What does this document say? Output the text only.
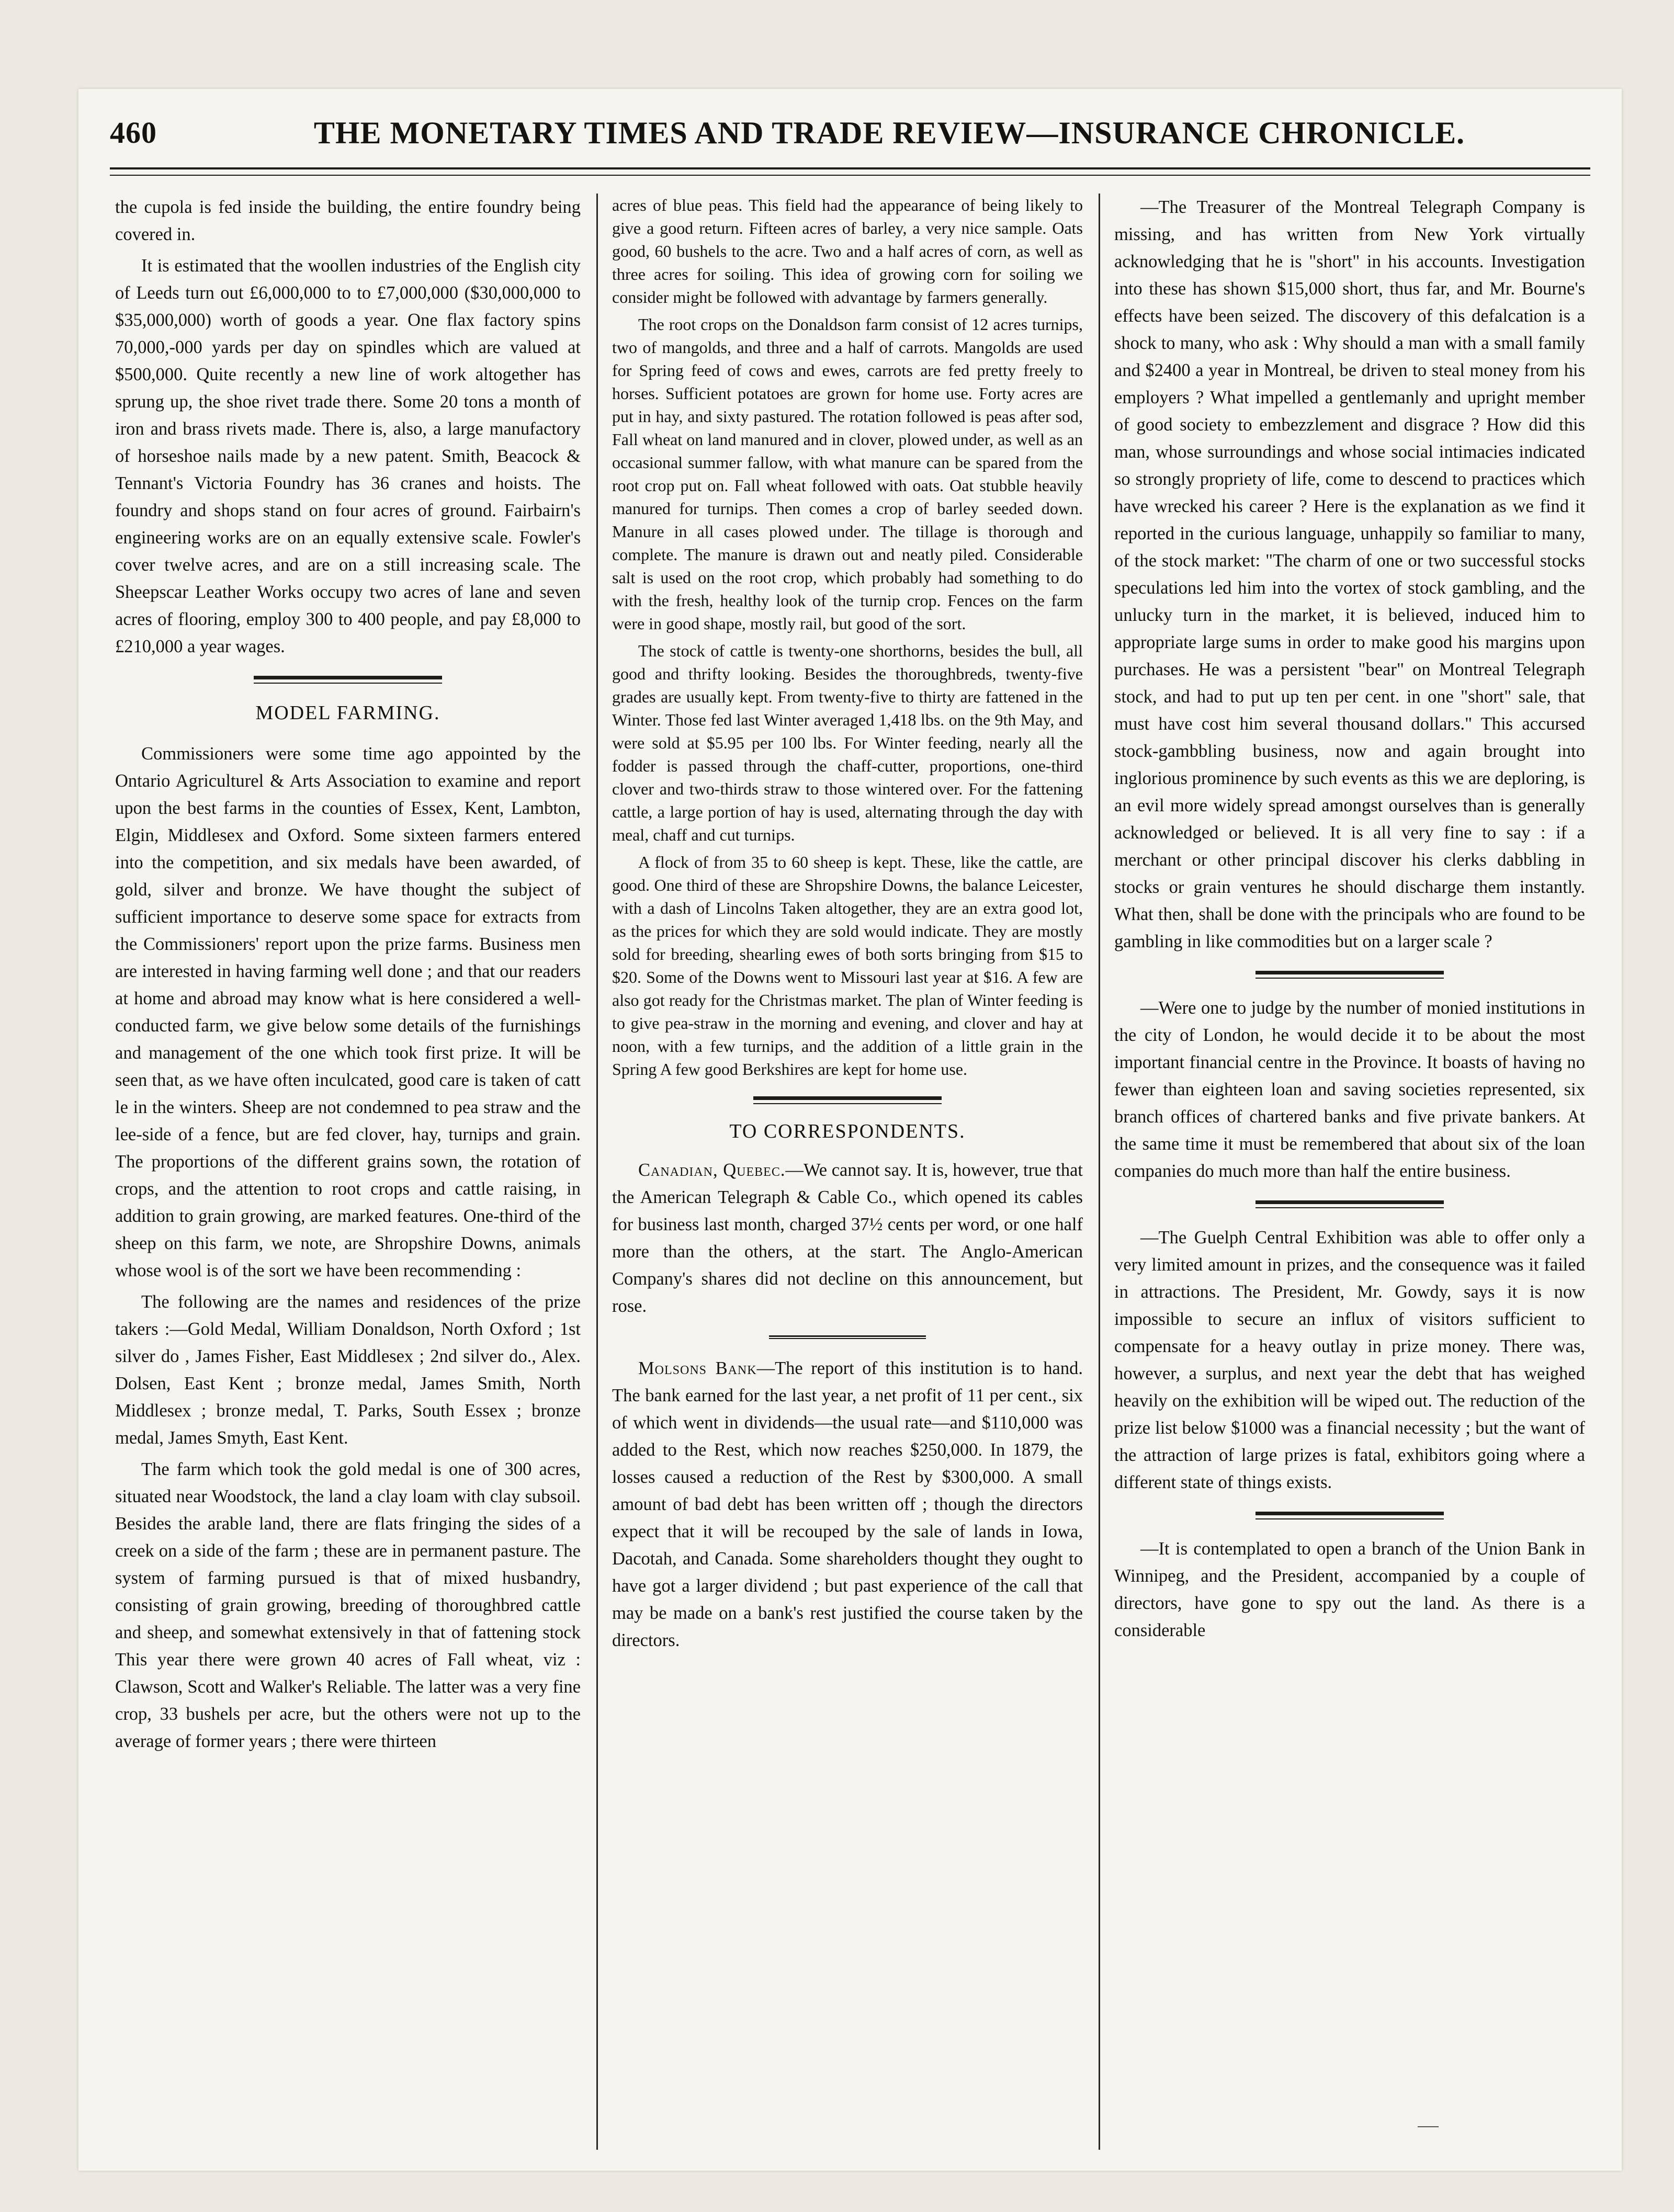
460	THE MONETARY TIMES AND TRADE REVIEW—INSURANCE CHRONICLE.

the cupola is fed inside the building, the entire foundry being covered in.

It is estimated that the woollen industries of the English city of Leeds turn out £6,000,000 to to £7,000,000 ($30,000,000 to $35,000,000) worth of goods a year. One flax factory spins 70,000,-000 yards per day on spindles which are valued at $500,000. Quite recently a new line of work altogether has sprung up, the shoe rivet trade there. Some 20 tons a month of iron and brass rivets made. There is, also, a large manufactory of horseshoe nails made by a new patent. Smith, Beacock & Tennant's Victoria Foundry has 36 cranes and hoists. The foundry and shops stand on four acres of ground. Fairbairn's engineering works are on an equally extensive scale. Fowler's cover twelve acres, and are on a still increasing scale. The Sheepscar Leather Works occupy two acres of lane and seven acres of flooring, employ 300 to 400 people, and pay £8,000 to £210,000 a year wages.

MODEL FARMING.

Commissioners were some time ago appointed by the Ontario Agriculturel & Arts Association to examine and report upon the best farms in the counties of Essex, Kent, Lambton, Elgin, Middlesex and Oxford. Some sixteen farmers entered into the competition, and six medals have been awarded, of gold, silver and bronze. We have thought the subject of sufficient importance to deserve some space for extracts from the Commissioners' report upon the prize farms. Business men are interested in having farming well done ; and that our readers at home and abroad may know what is here considered a well-conducted farm, we give below some details of the furnishings and management of the one which took first prize. It will be seen that, as we have often inculcated, good care is taken of catt le in the winters. Sheep are not condemned to pea straw and the lee-side of a fence, but are fed clover, hay, turnips and grain. The proportions of the different grains sown, the rotation of crops, and the attention to root crops and cattle raising, in addition to grain growing, are marked features. One-third of the sheep on this farm, we note, are Shropshire Downs, animals whose wool is of the sort we have been recommending :

The following are the names and residences of the prize takers :—Gold Medal, William Donaldson, North Oxford ; 1st silver do , James Fisher, East Middlesex ; 2nd silver do., Alex. Dolsen, East Kent ; bronze medal, James Smith, North Middlesex ; bronze medal, T. Parks, South Essex ; bronze medal, James Smyth, East Kent.

The farm which took the gold medal is one of 300 acres, situated near Woodstock, the land a clay loam with clay subsoil. Besides the arable land, there are flats fringing the sides of a creek on a side of the farm ; these are in permanent pasture. The system of farming pursued is that of mixed husbandry, consisting of grain growing, breeding of thoroughbred cattle and sheep, and somewhat extensively in that of fattening stock This year there were grown 40 acres of Fall wheat, viz : Clawson, Scott and Walker's Reliable. The latter was a very fine crop, 33 bushels per acre, but the others were not up to the average of former years ; there were thirteen

acres of blue peas. This field had the appearance of being likely to give a good return. Fifteen acres of barley, a very nice sample. Oats good, 60 bushels to the acre. Two and a half acres of corn, as well as three acres for soiling. This idea of growing corn for soiling we consider might be followed with advantage by farmers generally.

The root crops on the Donaldson farm consist of 12 acres turnips, two of mangolds, and three and a half of carrots. Mangolds are used for Spring feed of cows and ewes, carrots are fed pretty freely to horses. Sufficient potatoes are grown for home use. Forty acres are put in hay, and sixty pastured. The rotation followed is peas after sod, Fall wheat on land manured and in clover, plowed under, as well as an occasional summer fallow, with what manure can be spared from the root crop put on. Fall wheat followed with oats. Oat stubble heavily manured for turnips. Then comes a crop of barley seeded down. Manure in all cases plowed under. The tillage is thorough and complete. The manure is drawn out and neatly piled. Considerable salt is used on the root crop, which probably had something to do with the fresh, healthy look of the turnip crop. Fences on the farm were in good shape, mostly rail, but good of the sort.

The stock of cattle is twenty-one shorthorns, besides the bull, all good and thrifty looking. Besides the thoroughbreds, twenty-five grades are usually kept. From twenty-five to thirty are fattened in the Winter. Those fed last Winter averaged 1,418 lbs. on the 9th May, and were sold at $5.95 per 100 lbs. For Winter feeding, nearly all the fodder is passed through the chaff-cutter, proportions, one-third clover and two-thirds straw to those wintered over. For the fattening cattle, a large portion of hay is used, alternating through the day with meal, chaff and cut turnips.

A flock of from 35 to 60 sheep is kept. These, like the cattle, are good. One third of these are Shropshire Downs, the balance Leicester, with a dash of Lincolns Taken altogether, they are an extra good lot, as the prices for which they are sold would indicate. They are mostly sold for breeding, shearling ewes of both sorts bringing from $15 to $20. Some of the Downs went to Missouri last year at $16. A few are also got ready for the Christmas market. The plan of Winter feeding is to give pea-straw in the morning and evening, and clover and hay at noon, with a few turnips, and the addition of a little grain in the Spring A few good Berkshires are kept for home use.

TO CORRESPONDENTS.

Canadian, Quebec.—We cannot say. It is, however, true that the American Telegraph & Cable Co., which opened its cables for business last month, charged 37½ cents per word, or one half more than the others, at the start. The Anglo-American Company's shares did not decline on this announcement, but rose.

Molsons Bank—The report of this institution is to hand. The bank earned for the last year, a net profit of 11 per cent., six of which went in dividends—the usual rate—and $110,000 was added to the Rest, which now reaches $250,000. In 1879, the losses caused a reduction of the Rest by $300,000. A small amount of bad debt has been written off ; though the directors expect that it will be recouped by the sale of lands in Iowa, Dacotah, and Canada. Some shareholders thought they ought to have got a larger dividend ; but past experience of the call that may be made on a bank's rest justified the course taken by the directors.

—The Treasurer of the Montreal Telegraph Company is missing, and has written from New York virtually acknowledging that he is "short" in his accounts. Investigation into these has shown $15,000 short, thus far, and Mr. Bourne's effects have been seized. The discovery of this defalcation is a shock to many, who ask : Why should a man with a small family and $2400 a year in Montreal, be driven to steal money from his employers ? What impelled a gentlemanly and upright member of good society to embezzlement and disgrace ? How did this man, whose surroundings and whose social intimacies indicated so strongly propriety of life, come to descend to practices which have wrecked his career ? Here is the explanation as we find it reported in the curious language, unhappily so familiar to many, of the stock market: "The charm of one or two successful stocks speculations led him into the vortex of stock gambling, and the unlucky turn in the market, it is believed, induced him to appropriate large sums in order to make good his margins upon purchases. He was a persistent "bear" on Montreal Telegraph stock, and had to put up ten per cent. in one "short" sale, that must have cost him several thousand dollars." This accursed stock-gambbling business, now and again brought into inglorious prominence by such events as this we are deploring, is an evil more widely spread amongst ourselves than is generally acknowledged or believed. It is all very fine to say : if a merchant or other principal discover his clerks dabbling in stocks or grain ventures he should discharge them instantly. What then, shall be done with the principals who are found to be gambling in like commodities but on a larger scale ?

—Were one to judge by the number of monied institutions in the city of London, he would decide it to be about the most important financial centre in the Province. It boasts of having no fewer than eighteen loan and saving societies represented, six branch offices of chartered banks and five private bankers. At the same time it must be remembered that about six of the loan companies do much more than half the entire business.

—The Guelph Central Exhibition was able to offer only a very limited amount in prizes, and the consequence was it failed in attractions. The President, Mr. Gowdy, says it is now impossible to secure an influx of visitors sufficient to compensate for a heavy outlay in prize money. There was, however, a surplus, and next year the debt that has weighed heavily on the exhibition will be wiped out. The reduction of the prize list below $1000 was a financial necessity ; but the want of the attraction of large prizes is fatal, exhibitors going where a different state of things exists.

—It is contemplated to open a branch of the Union Bank in Winnipeg, and the President, accompanied by a couple of directors, have gone to spy out the land. As there is a considerable
